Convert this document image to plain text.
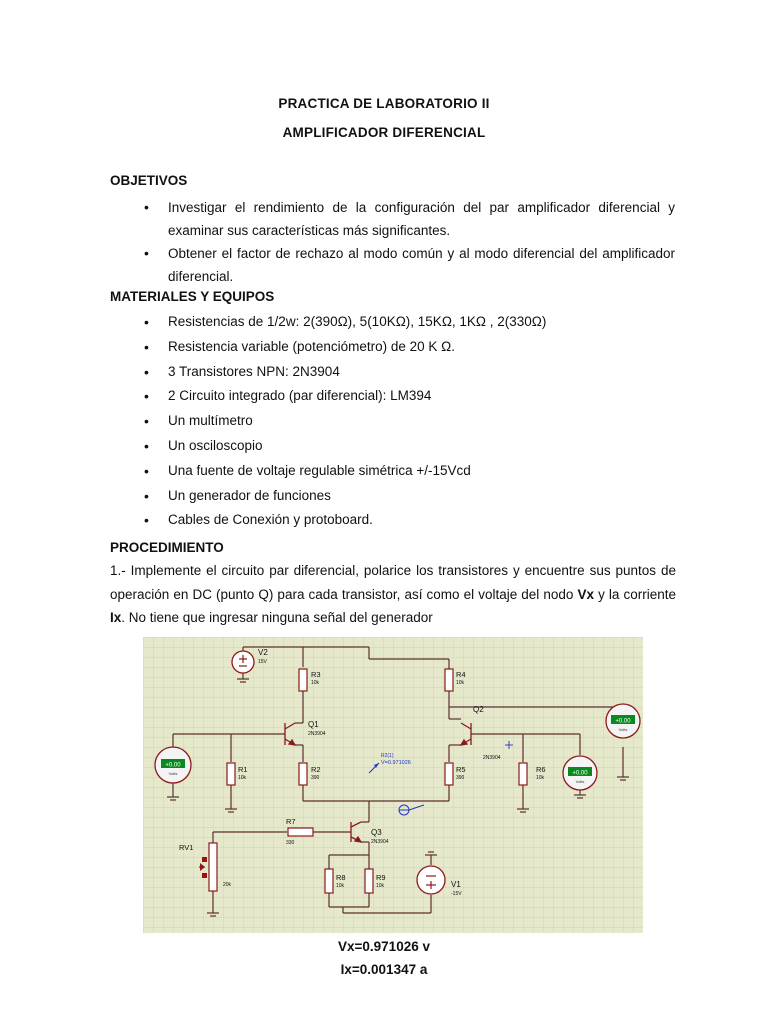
PRACTICA DE LABORATORIO II
AMPLIFICADOR DIFERENCIAL
OBJETIVOS
• Investigar el rendimiento de la configuración del par amplificador diferencial y examinar sus características más significantes.
• Obtener el factor de rechazo al modo común y al modo diferencial del amplificador diferencial.
MATERIALES Y EQUIPOS
• Resistencias de 1/2w: 2(390Ω), 5(10KΩ), 15KΩ, 1KΩ , 2(330Ω)
• Resistencia variable (potenciómetro) de 20 K Ω.
• 3 Transistores NPN: 2N3904
• 2 Circuito integrado (par diferencial): LM394
• Un multímetro
• Un osciloscopio
• Una fuente de voltaje regulable simétrica +/-15Vcd
• Un generador de funciones
• Cables de Conexión y protoboard.
PROCEDIMIENTO
1.- Implemente el circuito par diferencial, polarice los transistores y encuentre sus puntos de operación en DC (punto Q) para cada transistor, así como el voltaje del nodo Vx y la corriente Ix. No tiene que ingresar ninguna señal del generador
V2
15V
V1
-15V
R3
10k
R4
10k
R1
10k
R2
390
R5
390
R6
10k
R7
330
R8
10k
R9
10k
RV1
20k
Q1
2N3904
Q2
2N3904
Q3
2N3904
+0.00
Volts	+0.00
Volts
+0.00
Volts
R2(1)
V=0.971026
Vx=0.971026 v
Ix=0.001347 a
